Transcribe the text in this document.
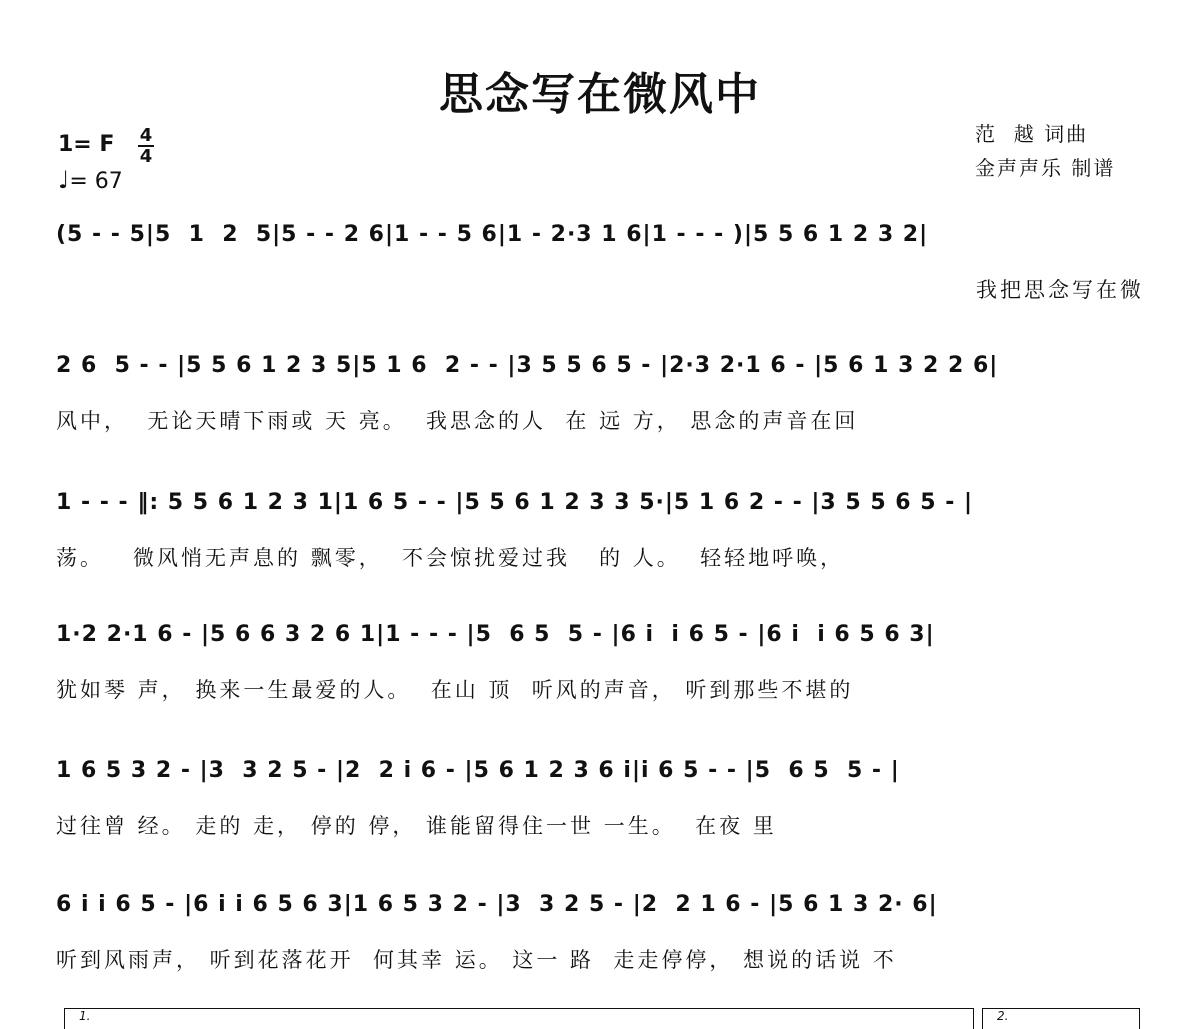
思念写在微风中
范  越 词曲
金声声乐 制谱
1= F 4
4
♩= 67
(5 - - 5|5  1  2  5|5 - - 2 6|1 - - 5 6|1 - 2·3 1 6|1 - - - )|5 5 6 1 2 3 2|
我把思念写在微
2 6  5 - - |5 5 6 1 2 3 5|5 1 6  2 - - |3 5 5 6 5 - |2·3 2·1 6 - |5 6 1 3 2 2 6|
风中，  无论天晴下雨或 天 亮。  我思念的人  在 远 方， 思念的声音在回
1 - - - ‖: 5 5 6 1 2 3 1|1 6 5 - - |5 5 6 1 2 3 3 5·|5 1 6 2 - - |3 5 5 6 5 - |
荡。   微风悄无声息的 飘零，  不会惊扰爱过我   的 人。  轻轻地呼唤，
1·2 2·1 6 - |5 6 6 3 2 6 1|1 - - - |5  6 5  5 - |6 i  i 6 5 - |6 i  i 6 5 6 3|
犹如琴 声， 换来一生最爱的人。  在山 顶  听风的声音， 听到那些不堪的
1 6 5 3 2 - |3  3 2 5 - |2  2 i 6 - |5 6 1 2 3 6 i|i 6 5 - - |5  6 5  5 - |
过往曾 经。 走的 走， 停的 停， 谁能留得住一世 一生。  在夜 里
6 i i 6 5 - |6 i i 6 5 6 3|1 6 5 3 2 - |3  3 2 5 - |2  2 1 6 - |5 6 1 3 2· 6|
听到风雨声， 听到花落花开  何其幸 运。 这一 路  走走停停， 想说的话说 不
1.	2.
